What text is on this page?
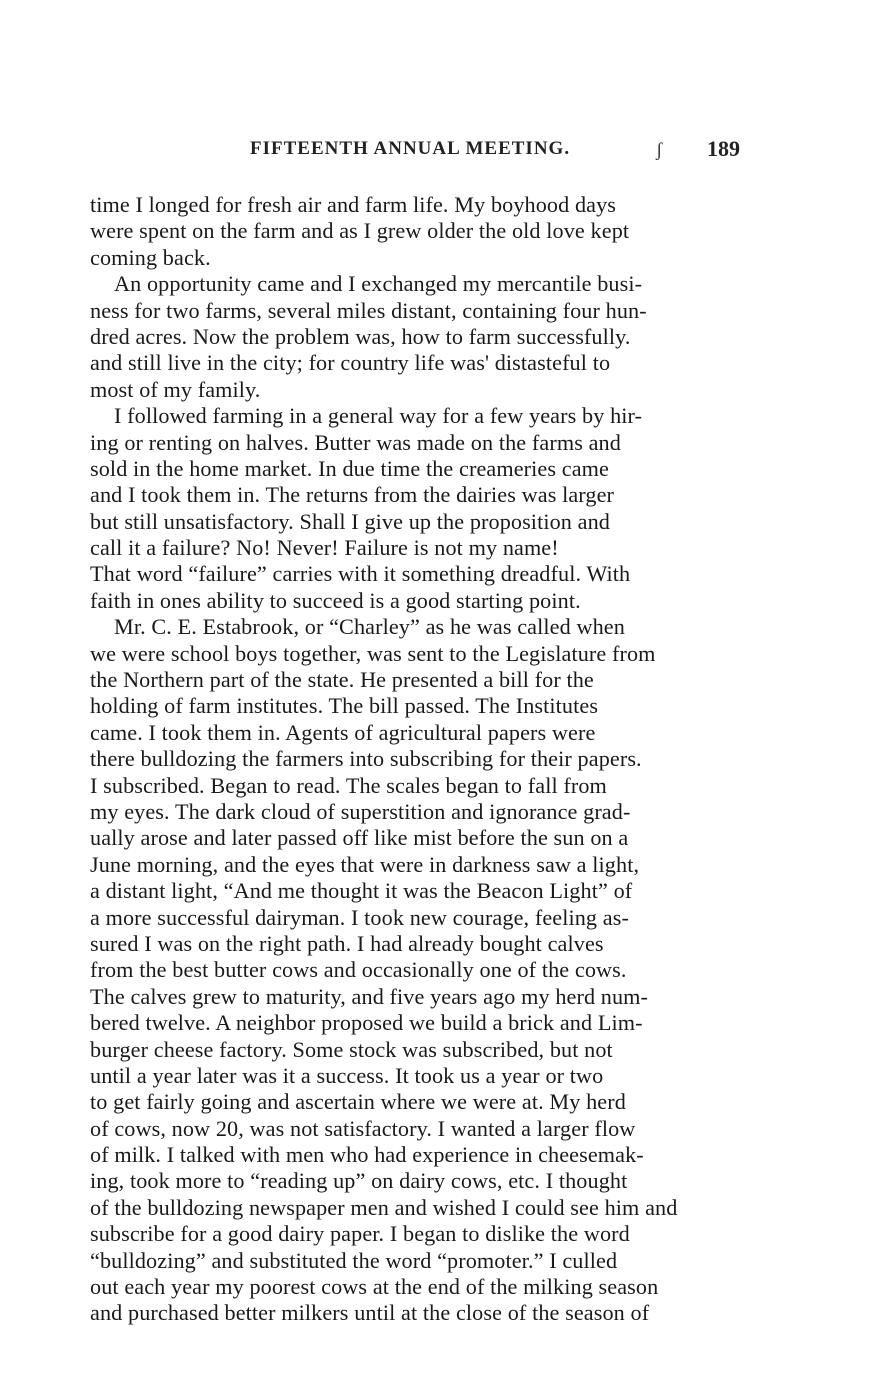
FIFTEENTH ANNUAL MEETING.	ʃ 189
time I longed for fresh air and farm life. My boyhood days
were spent on the farm and as I grew older the old love kept
coming back.
An opportunity came and I exchanged my mercantile busi-
ness for two farms, several miles distant, containing four hun-
dred acres. Now the problem was, how to farm successfully.
and still live in the city; for country life was' distasteful to
most of my family.
I followed farming in a general way for a few years by hir-
ing or renting on halves. Butter was made on the farms and
sold in the home market. In due time the creameries came
and I took them in. The returns from the dairies was larger
but still unsatisfactory. Shall I give up the proposition and
call it a failure? No! Never! Failure is not my name!
That word “failure” carries with it something dreadful. With
faith in ones ability to succeed is a good starting point.
Mr. C. E. Estabrook, or “Charley” as he was called when
we were school boys together, was sent to the Legislature from
the Northern part of the state. He presented a bill for the
holding of farm institutes. The bill passed. The Institutes
came. I took them in. Agents of agricultural papers were
there bulldozing the farmers into subscribing for their papers.
I subscribed. Began to read. The scales began to fall from
my eyes. The dark cloud of superstition and ignorance grad-
ually arose and later passed off like mist before the sun on a
June morning, and the eyes that were in darkness saw a light,
a distant light, “And me thought it was the Beacon Light” of
a more successful dairyman. I took new courage, feeling as-
sured I was on the right path. I had already bought calves
from the best butter cows and occasionally one of the cows.
The calves grew to maturity, and five years ago my herd num-
bered twelve. A neighbor proposed we build a brick and Lim-
burger cheese factory. Some stock was subscribed, but not
until a year later was it a success. It took us a year or two
to get fairly going and ascertain where we were at. My herd
of cows, now 20, was not satisfactory. I wanted a larger flow
of milk. I talked with men who had experience in cheesemak-
ing, took more to “reading up” on dairy cows, etc. I thought
of the bulldozing newspaper men and wished I could see him and
subscribe for a good dairy paper. I began to dislike the word
“bulldozing” and substituted the word “promoter.” I culled
out each year my poorest cows at the end of the milking season
and purchased better milkers until at the close of the season of
